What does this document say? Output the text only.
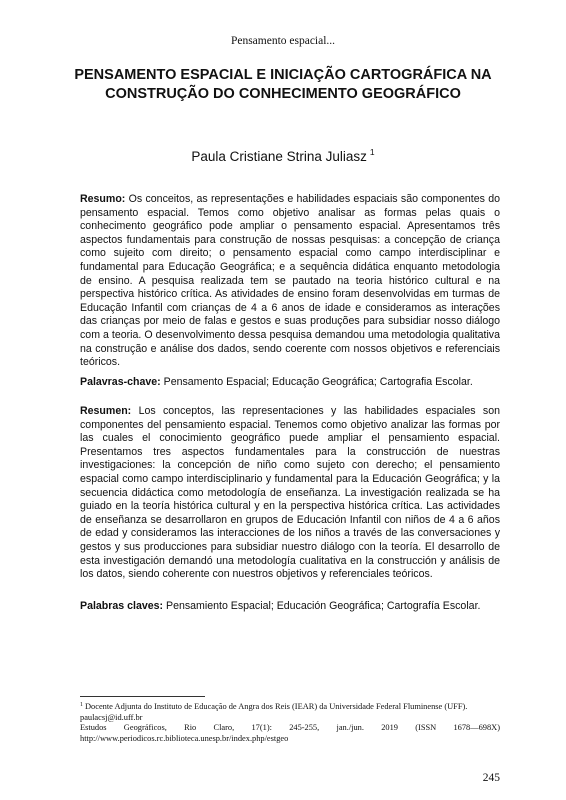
Pensamento espacial...
PENSAMENTO ESPACIAL E INICIAÇÃO CARTOGRÁFICA NA CONSTRUÇÃO DO CONHECIMENTO GEOGRÁFICO
Paula Cristiane Strina Juliasz $^1$

Resumo: Os conceitos, as representações e habilidades espaciais são componentes do pensamento espacial. Temos como objetivo analisar as formas pelas quais o conhecimento geográfico pode ampliar o pensamento espacial. Apresentamos três aspectos fundamentais para construção de nossas pesquisas: a concepção de criança como sujeito com direito; o pensamento espacial como campo interdisciplinar e fundamental para Educação Geográfica; e a sequência didática enquanto metodologia de ensino. A pesquisa realizada tem se pautado na teoria histórico cultural e na perspectiva histórico crítica. As atividades de ensino foram desenvolvidas em turmas de Educação Infantil com crianças de 4 a 6 anos de idade e consideramos as interações das crianças por meio de falas e gestos e suas produções para subsidiar nosso diálogo com a teoria. O desenvolvimento dessa pesquisa demandou uma metodologia qualitativa na construção e análise dos dados, sendo coerente com nossos objetivos e referenciais teóricos.

Palavras-chave: Pensamento Espacial; Educação Geográfica; Cartografia Escolar.

Resumen: Los conceptos, las representaciones y las habilidades espaciales son componentes del pensamiento espacial. Tenemos como objetivo analizar las formas por las cuales el conocimiento geográfico puede ampliar el pensamiento espacial. Presentamos tres aspectos fundamentales para la construcción de nuestras investigaciones: la concepción de niño como sujeto con derecho; el pensamiento espacial como campo interdisciplinario y fundamental para la Educación Geográfica; y la secuencia didáctica como metodología de enseñanza. La investigación realizada se ha guiado en la teoría histórica cultural y en la perspectiva histórica crítica. Las actividades de enseñanza se desarrollaron en grupos de Educación Infantil con niños de 4 a 6 años de edad y consideramos las interacciones de los niños a través de las conversaciones y gestos y sus producciones para subsidiar nuestro diálogo con la teoría. El desarrollo de esta investigación demandó una metodología cualitativa en la construcción y análisis de los datos, siendo coherente con nuestros objetivos y referenciales teóricos.

Palabras claves: Pensamiento Espacial; Educación Geográfica; Cartografía Escolar.

$^1$ Docente Adjunta do Instituto de Educação de Angra dos Reis (IEAR) da Universidade Federal Fluminense (UFF).

paulacsj@id.uff.br

Estudos Geográficos, Rio Claro, 17(1): 245-255, jan./jun. 2019 (ISSN 1678—698X)

http://www.periodicos.rc.biblioteca.unesp.br/index.php/estgeo

245
